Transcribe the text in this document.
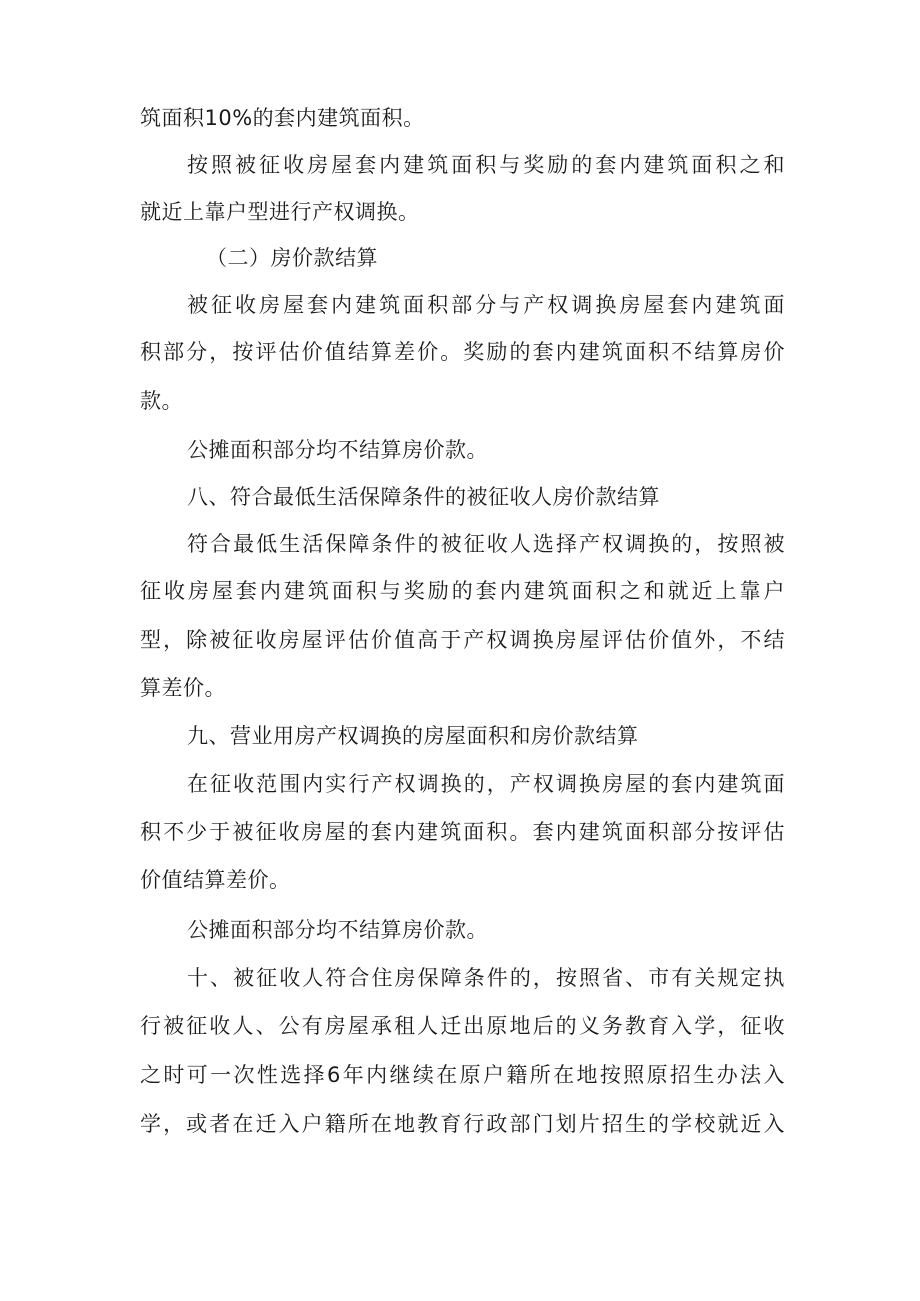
筑面积10%的套内建筑面积。
按照被征收房屋套内建筑面积与奖励的套内建筑面积之和
就近上靠户型进行产权调换。
（二）房价款结算
被征收房屋套内建筑面积部分与产权调换房屋套内建筑面
积部分，按评估价值结算差价。奖励的套内建筑面积不结算房价
款。
公摊面积部分均不结算房价款。
八、符合最低生活保障条件的被征收人房价款结算
符合最低生活保障条件的被征收人选择产权调换的，按照被
征收房屋套内建筑面积与奖励的套内建筑面积之和就近上靠户
型，除被征收房屋评估价值高于产权调换房屋评估价值外，不结
算差价。
九、营业用房产权调换的房屋面积和房价款结算
在征收范围内实行产权调换的，产权调换房屋的套内建筑面
积不少于被征收房屋的套内建筑面积。套内建筑面积部分按评估
价值结算差价。
公摊面积部分均不结算房价款。
十、被征收人符合住房保障条件的，按照省、市有关规定执
行被征收人、公有房屋承租人迁出原地后的义务教育入学，征收
之时可一次性选择6年内继续在原户籍所在地按照原招生办法入
学，或者在迁入户籍所在地教育行政部门划片招生的学校就近入
